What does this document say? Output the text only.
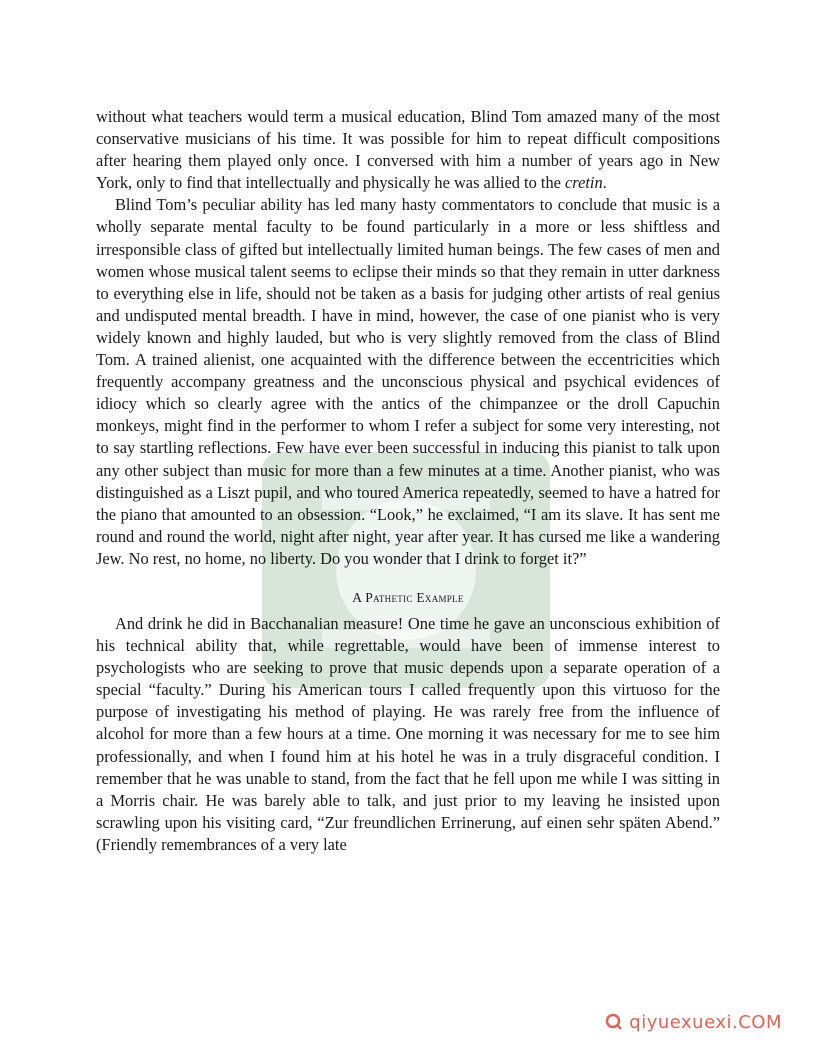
without what teachers would term a musical education, Blind Tom amazed many of the most conservative musicians of his time. It was possible for him to repeat difficult compositions after hearing them played only once. I conversed with him a number of years ago in New York, only to find that intellectually and physically he was allied to the cretin.

Blind Tom’s peculiar ability has led many hasty commentators to conclude that music is a wholly separate mental faculty to be found particularly in a more or less shiftless and irresponsible class of gifted but intellectually limited human beings. The few cases of men and women whose musical talent seems to eclipse their minds so that they remain in utter darkness to everything else in life, should not be taken as a basis for judging other artists of real genius and undisputed mental breadth. I have in mind, however, the case of one pianist who is very widely known and highly lauded, but who is very slightly removed from the class of Blind Tom. A trained alienist, one acquainted with the difference between the eccentricities which frequently accompany greatness and the unconscious physical and psychical evidences of idiocy which so clearly agree with the antics of the chimpanzee or the droll Capuchin monkeys, might find in the performer to whom I refer a subject for some very interesting, not to say startling reflections. Few have ever been successful in inducing this pianist to talk upon any other subject than music for more than a few minutes at a time. Another pianist, who was distinguished as a Liszt pupil, and who toured America repeatedly, seemed to have a hatred for the piano that amounted to an obsession. “Look,” he exclaimed, “I am its slave. It has sent me round and round the world, night after night, year after year. It has cursed me like a wandering Jew. No rest, no home, no liberty. Do you wonder that I drink to forget it?”

A Pathetic Example

And drink he did in Bacchanalian measure! One time he gave an unconscious exhibition of his technical ability that, while regrettable, would have been of immense interest to psychologists who are seeking to prove that music depends upon a separate operation of a special “faculty.” During his American tours I called frequently upon this virtuoso for the purpose of investigating his method of playing. He was rarely free from the influence of alcohol for more than a few hours at a time. One morning it was necessary for me to see him professionally, and when I found him at his hotel he was in a truly disgraceful condition. I remember that he was unable to stand, from the fact that he fell upon me while I was sitting in a Morris chair. He was barely able to talk, and just prior to my leaving he insisted upon scrawling upon his visiting card, “Zur freundlichen Errinerung, auf einen sehr späten Abend.” (Friendly remembrances of a very late

qiyuexuexi.COM
